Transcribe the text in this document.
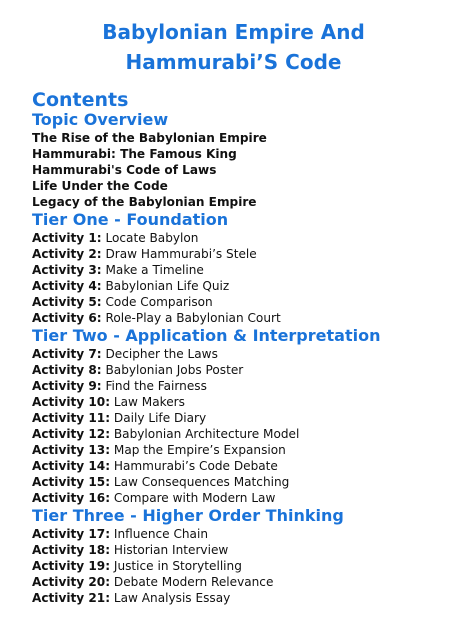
Babylonian Empire And
Hammurabi’S Code
Contents
Topic Overview
The Rise of the Babylonian Empire
Hammurabi: The Famous King
Hammurabi's Code of Laws
Life Under the Code
Legacy of the Babylonian Empire
Tier One - Foundation
Activity 1: Locate Babylon
Activity 2: Draw Hammurabi’s Stele
Activity 3: Make a Timeline
Activity 4: Babylonian Life Quiz
Activity 5: Code Comparison
Activity 6: Role-Play a Babylonian Court
Tier Two - Application & Interpretation
Activity 7: Decipher the Laws
Activity 8: Babylonian Jobs Poster
Activity 9: Find the Fairness
Activity 10: Law Makers
Activity 11: Daily Life Diary
Activity 12: Babylonian Architecture Model
Activity 13: Map the Empire’s Expansion
Activity 14: Hammurabi’s Code Debate
Activity 15: Law Consequences Matching
Activity 16: Compare with Modern Law
Tier Three - Higher Order Thinking
Activity 17: Influence Chain
Activity 18: Historian Interview
Activity 19: Justice in Storytelling
Activity 20: Debate Modern Relevance
Activity 21: Law Analysis Essay
